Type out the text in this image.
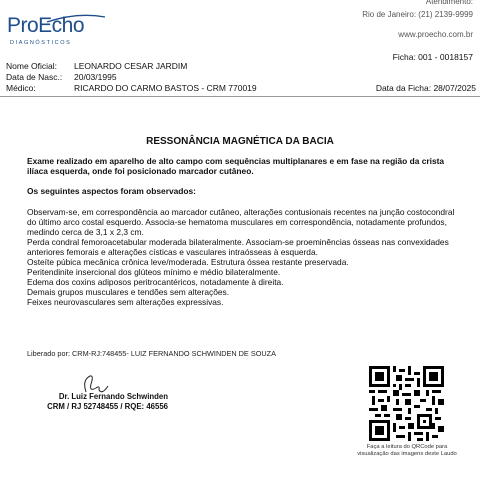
ProEcho
DIAGNÓSTICOS
Atendimento:
Rio de Janeiro: (21) 2139-9999
www.proecho.com.br
Ficha: 001 - 0018157
Nome Oficial:	LEONARDO CESAR JARDIM
Data de Nasc.:	20/03/1995
Médico:	RICARDO DO CARMO BASTOS - CRM 770019	Data da Ficha: 28/07/2025
RESSONÂNCIA MAGNÉTICA DA BACIA

Exame realizado em aparelho de alto campo com sequências multiplanares e em fase na região da crista ilíaca esquerda, onde foi posicionado marcador cutâneo.

Os seguintes aspectos foram observados:

Observam-se, em correspondência ao marcador cutâneo, alterações contusionais recentes na junção costocondral do último arco costal esquerdo. Associa-se hematoma musculares em correspondência, notadamente profundos, medindo cerca de 3,1 x 2,3 cm.

Perda condral femoroacetabular moderada bilateralmente. Associam-se proeminências ósseas nas convexidades anteriores femorais e alterações císticas e vasculares intraósseas à esquerda.

Osteíte púbica mecânica crônica leve/moderada. Estrutura óssea restante preservada.

Peritendinite insercional dos glúteos mínimo e médio bilateralmente.

Edema dos coxins adiposos peritrocantéricos, notadamente à direita.

Demais grupos musculares e tendões sem alterações.

Feixes neurovasculares sem alterações expressivas.

Liberado por: CRM-RJ:748455- LUIZ FERNANDO SCHWINDEN DE SOUZA
Dr. Luiz Fernando Schwinden
CRM / RJ 52748455 / RQE: 46556
Faça a leitura do QRCode para visualização das imagens deste Laudo
